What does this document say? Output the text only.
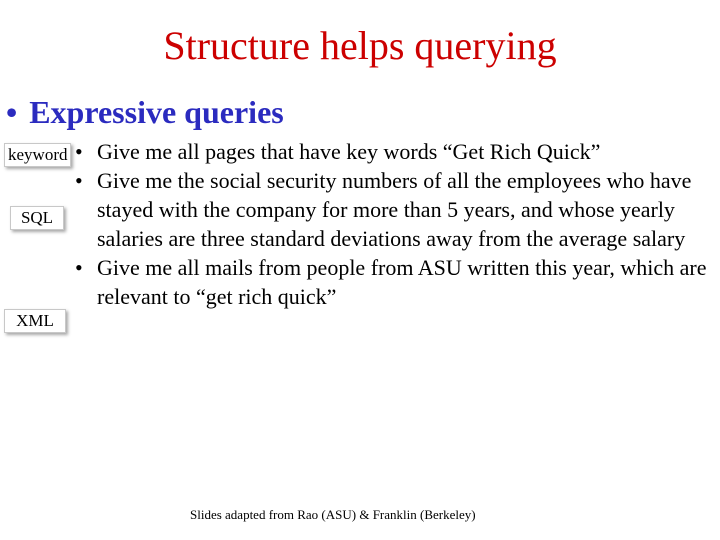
Structure helps querying
• Expressive queries
keyword
SQL
XML
• Give me all pages that have key words “Get Rich Quick”
• Give me the social security numbers of all the employees who have stayed with the company for more than 5 years, and whose yearly salaries are three standard deviations away from the average salary
• Give me all mails from people from ASU written this year, which are relevant to “get rich quick”
Slides adapted from Rao (ASU) & Franklin (Berkeley)
